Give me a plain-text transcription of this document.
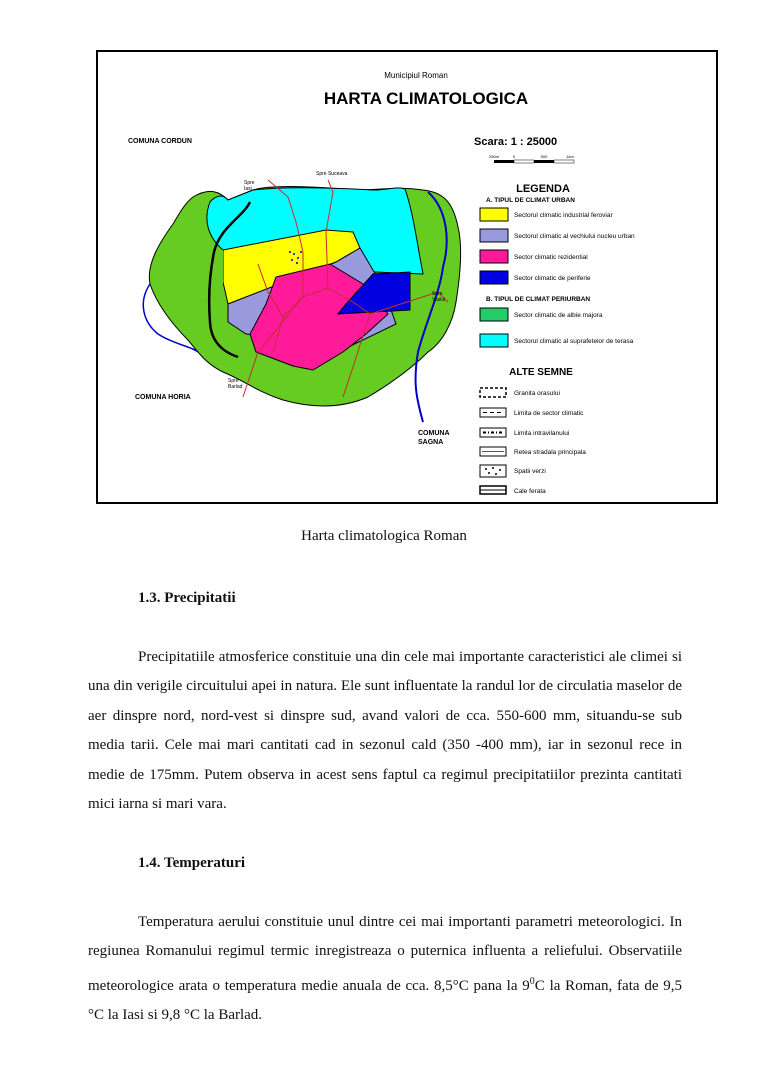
Municipiul Roman
HARTA CLIMATOLOGICA
COMUNA CORDUN
COMUNA HORIA
COMUNA
SAGNA
Spre
Iasi
Spre Suceava
Spre
Vaslui
Spre
Barlad
Scara: 1 : 25000
250m	0	500	1km
LEGENDA
A. TIPUL DE CLIMAT URBAN
Sectorul climatic industrial feroviar
Sectorul climatic al vechiului nucleu urban
Sector climatic rezidential
Sector climatic de periferie
B. TIPUL DE CLIMAT PERIURBAN
Sector climatic de albie majora
Sectorul climatic al suprafetelor de terasa
ALTE SEMNE
Granita orasului
Limita de sector climatic
Limita intravilanului
Retea stradala principala
Spatii verzi
Cale ferata
Harta climatologica Roman
1.3. Precipitatii

Precipitatiile atmosferice constituie una din cele mai importante caracteristici ale climei si una din verigile circuitului apei in natura. Ele sunt influentate la randul lor de circulatia maselor de aer dinspre nord, nord-vest si dinspre sud, avand valori de cca. 550-600 mm, situandu-se sub media tarii. Cele mai mari cantitati cad in sezonul cald (350 -400 mm), iar in sezonul rece in medie de 175mm. Putem observa in acest sens faptul ca regimul precipitatiilor prezinta cantitati mici iarna si mari vara.

1.4. Temperaturi

Temperatura aerului constituie unul dintre cei mai importanti parametri meteorologici. In regiunea Romanului regimul termic inregistreaza o puternica influenta a reliefului. Observatiile meteorologice arata o temperatura medie anuala de cca. 8,5°C pana la $9^0C$ la Roman, fata de 9,5 °C la Iasi si 9,8 °C la Barlad.
